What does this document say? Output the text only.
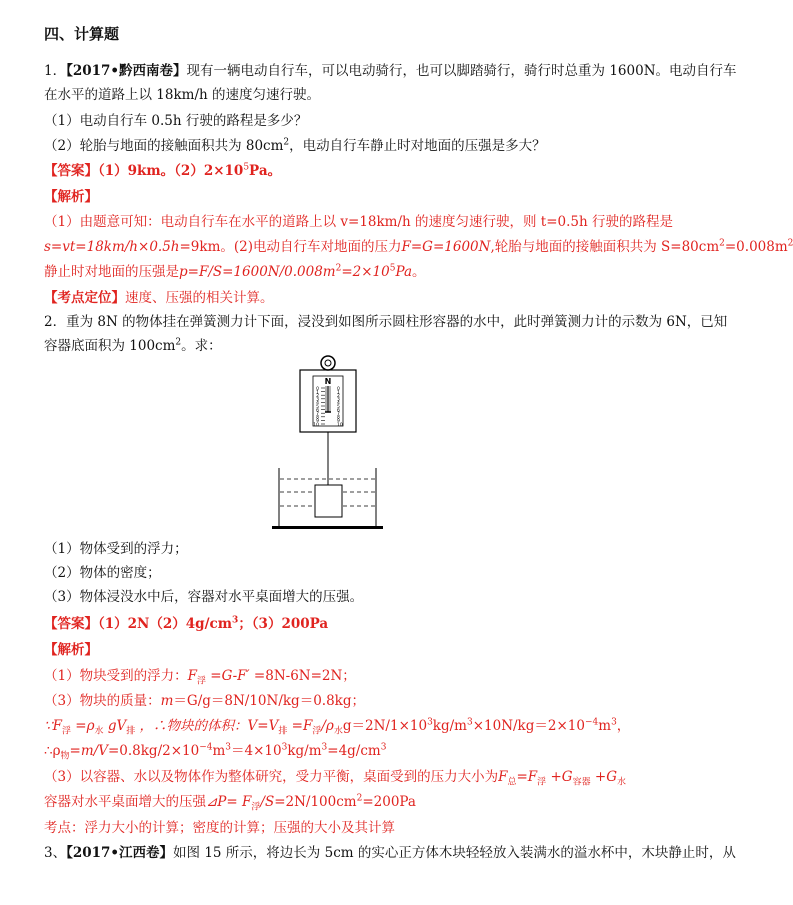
四、计算题
1．【2017•黔西南卷】现有一辆电动自行车，可以电动骑行，也可以脚踏骑行，骑行时总重为 1600N。电动自行车
在水平的道路上以 18km/h 的速度匀速行驶。
（1）电动自行车 0.5h 行驶的路程是多少？
（2）轮胎与地面的接触面积共为 $80cm^2$，电动自行车静止时对地面的压强是多大？
【答案】（1）9km。$(2)2\times 10^5Pa$。
【解析】
（1）由题意可知：电动自行车在水平的道路上以 v=18km/h 的速度匀速行驶，则 t=0.5h 行驶的路程是
s=vt=18km/h×0.5h=9km。(2)电动自行车对地面的压力F=G=1600N,轮胎与地面的接触面积共为 $S=80cm^2=0.008m^2$
静止时对地面的压强是$p=F/S=1600N/0.008m^2=2\times 10^5Pa$。
【考点定位】速度、压强的相关计算。
2．重为 8N 的物体挂在弹簧测力计下面，浸没到如图所示圆柱形容器的水中，此时弹簧测力计的示数为 6N，已知
容器底面积为 $100cm^2$。求：
N
0	0
1	1
2	2
3	3
4	4
5	5
6	6
7	7
8	8
9	9
10	10
（1）物体受到的浮力；
（2）物体的密度；
（3）物体浸没水中后，容器对水平桌面增大的压强。
【答案】$(1)2N(2)4g/cm^3$；（3）200Pa
【解析】
（1）物块受到的浮力：$F_浮 =G-F' =8N-6N=2N$；
（3）物块的质量：m＝G/g＝8N/10N/kg＝0.8kg；
$\because F_浮 =\rho_水$ $gV_排$ ，∴物块的体积：$V=V_排 =F_浮/\rho_水g=2N/1\times 10^3kg/m^3\times 10N/kg=2\times 10^{-4}m^3$，
$\therefore\rho_物=m/V=0.8kg/2\times 10^{-4}m^3=4\times 10^3kg/m^3=4g/cm^3$
（3）以容器、水以及物体作为整体研究，受力平衡，桌面受到的压力大小为$F_总=F_浮 +G_{容器} +G_水$
容器对水平桌面增大的压强⊿P= $F_浮/S=2N/100cm^2=200Pa$
考点：浮力大小的计算；密度的计算；压强的大小及其计算
3、【2017•江西卷】如图 15 所示，将边长为 5cm 的实心正方体木块轻轻放入装满水的溢水杯中，木块静止时，从
